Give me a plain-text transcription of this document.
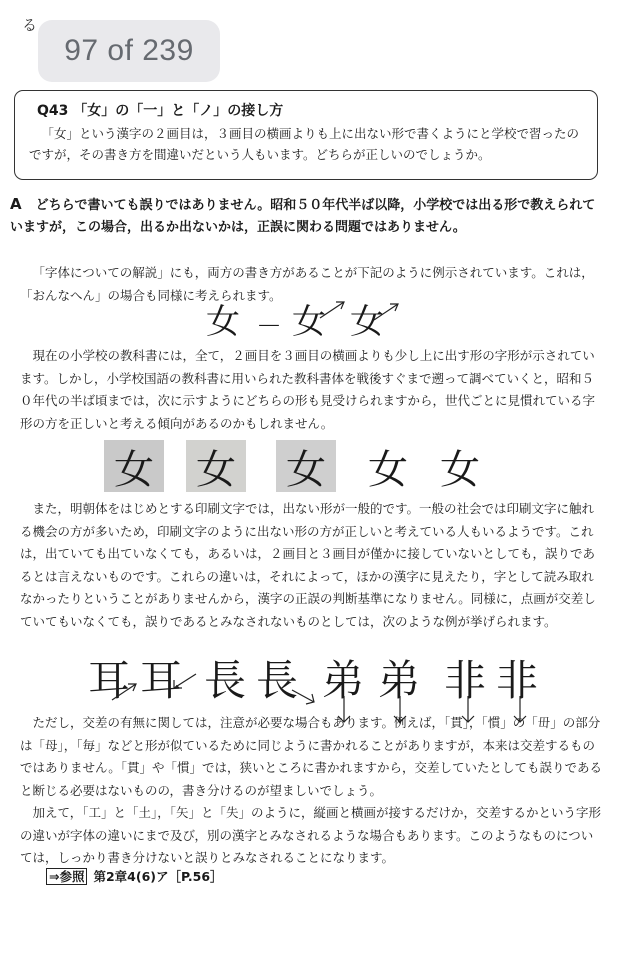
る
97 of 239
Q43 「女」の「一」と「ノ」の接し方

「女」という漢字の２画目は，３画目の横画よりも上に出ない形で書くようにと学校で習ったのですが，その書き方を間違いだという人もいます。どちらが正しいのでしょうか。

A どちらで書いても誤りではありません。昭和５０年代半ば以降，小学校では出る形で教えられていますが，この場合，出るか出ないかは，正誤に関わる問題ではありません。

「字体についての解説」にも，両方の書き方があることが下記のように例示されています。これは，「おんなへん」の場合も同様に考えられます。

女 － 女 女

現在の小学校の教科書には，全て，２画目を３画目の横画よりも少し上に出す形の字形が示されています。しかし，小学校国語の教科書に用いられた教科書体を戦後すぐまで遡って調べていくと，昭和５０年代の半ば頃までは，次に示すようにどちらの形も見受けられますから，世代ごとに見慣れている字形の方を正しいと考える傾向があるのかもしれません。

女 女 女 女 女

また，明朝体をはじめとする印刷文字では，出ない形が一般的です。一般の社会では印刷文字に触れる機会の方が多いため，印刷文字のように出ない形の方が正しいと考えている人もいるようです。これは，出ていても出ていなくても，あるいは，２画目と３画目が僅かに接していないとしても，誤りであるとは言えないものです。これらの違いは，それによって，ほかの漢字に見えたり，字として読み取れなかったりということがありませんから，漢字の正誤の判断基準になりません。同様に，点画が交差していてもいなくても，誤りであるとみなされないものとしては，次のような例が挙げられます。

耳 耳 長 長 弟 弟 非 非

ただし，交差の有無に関しては，注意が必要な場合もあります。例えば，「貫」，「慣」の「毌」の部分は「母」，「毎」などと形が似ているために同じように書かれることがありますが，本来は交差するものではありません。「貫」や「慣」では，狭いところに書かれますから，交差していたとしても誤りであると断じる必要はないものの，書き分けるのが望ましいでしょう。

加えて，「工」と「土」，「矢」と「失」のように，縦画と横画が接するだけか，交差するかという字形の違いが字体の違いにまで及び，別の漢字とみなされるような場合もあります。このようなものについては，しっかり書き分けないと誤りとみなされることになります。

⇒参照 第2章4(6)ア［P.56］
